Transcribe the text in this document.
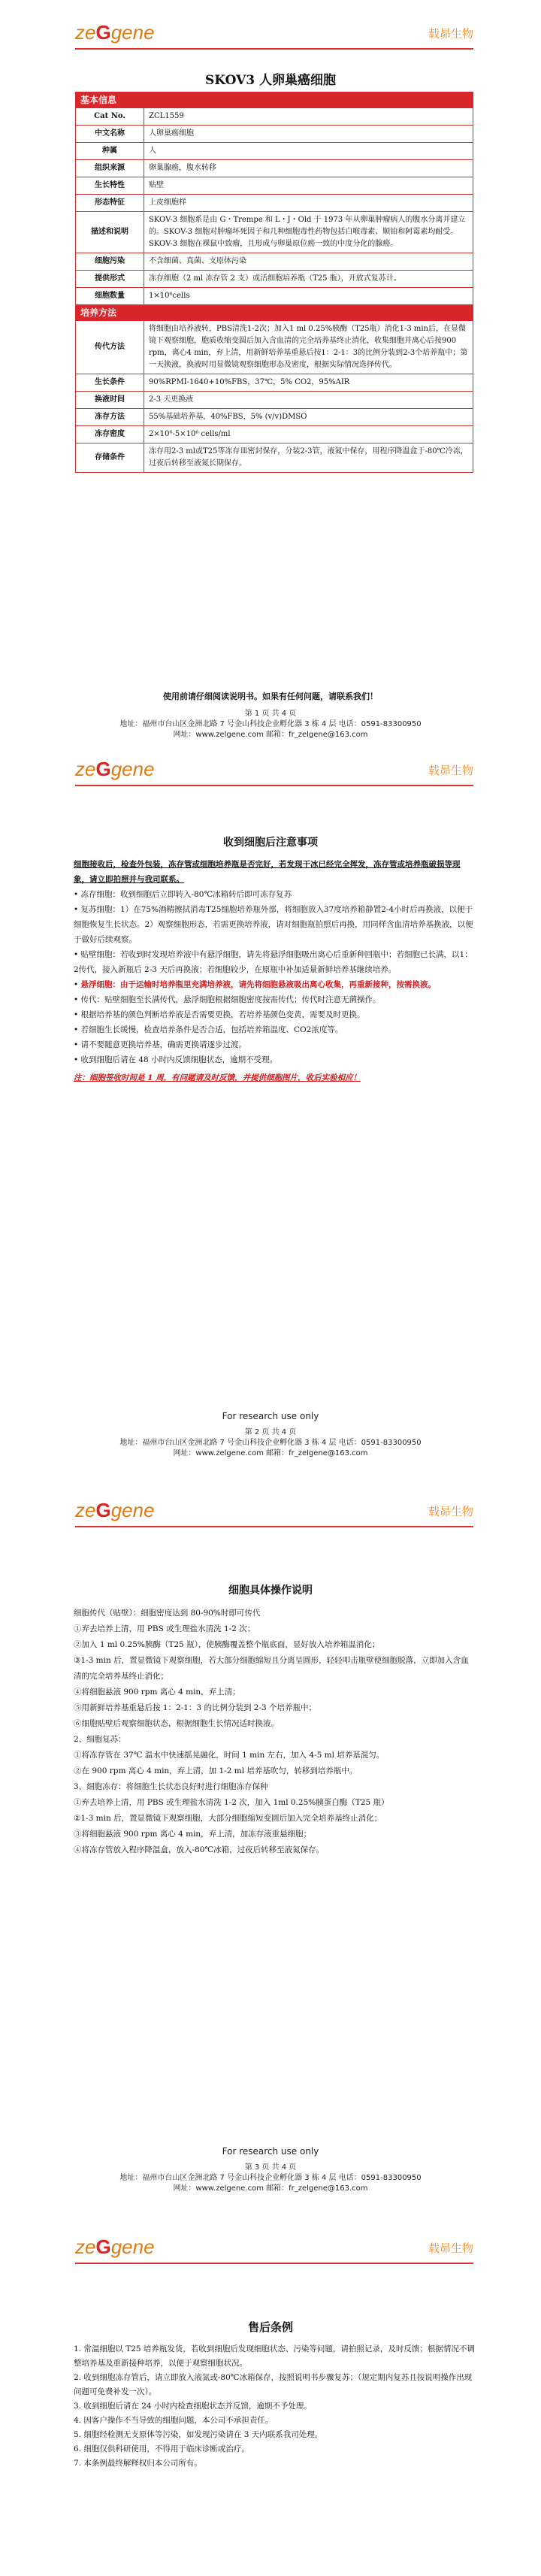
zeGgene	载昴生物
SKOV3 人卵巢癌细胞
基本信息	
Cat No.	ZCL1559
中文名称	人卵巢癌细胞
种属	人
组织来源	卵巢腺癌，腹水转移
生长特性	贴壁
形态特征	上皮细胞样
描述和说明	SKOV-3 细胞系是由 G・Trempe 和 L・J・Old 于 1973 年从卵巢肿瘤病人的腹水分离并建立的。SKOV-3 细胞对肿瘤坏死因子和几种细胞毒性药物包括白喉毒素、顺铂和阿霉素均耐受。SKOV-3 细胞在裸鼠中致瘤，且形成与卵巢原位癌一致的中度分化的腺癌。
细胞污染	不含细菌、真菌、支原体污染
提供形式	冻存细胞（2 ml 冻存管 2 支）或活细胞培养瓶（T25 瓶），开放式复苏计。
细胞数量	1×10⁶cells
培养方法	
传代方法	将细胞由培养液转，PBS清洗1-2次；加入1 ml 0.25%胰酶（T25瓶）消化1-3 min后，在显微镜下观察细胞，胞质收缩变圆后加入含血清的完全培养基终止消化，收集细胞并离心后按900 rpm，离心4 min，弃上清，用新鲜培养基重悬后按1：2-1：3的比例分装到2-3个培养瓶中；第一天换液，换液时用显微镜观察细胞形态及密度，根据实际情况选择传代。
生长条件	90%RPMI-1640+10%FBS，37℃，5% CO2，95%AIR
换液时间	2-3 天更换液
冻存方法	55%基础培养基，40%FBS，5% (v/v)DMSO
冻存密度	2×10⁶-5×10⁶ cells/ml
存储条件	冻存用2-3 ml或T25等冻存皿密封保存，分装2-3管，液氮中保存，用程序降温盒于-80℃冷冻，过夜后转移至液氮长期保存。
使用前请仔细阅读说明书。如果有任何问题，请联系我们！
第 1 页 共 4 页
地址：福州市台山区金洲北路 7 号金山科技企业孵化器 3 栋 4 层 电话：0591-83300950
网址：www.zelgene.com 邮箱：fr_zelgene@163.com
zeGgene	载昴生物
收到细胞后注意事项

细胞接收后，检查外包装，冻存管或细胞培养瓶是否完好，若发现干冰已经完全挥发，冻存管或培养瓶破损等现象，请立即拍照并与我司联系。

• 冻存细胞：收到细胞后立即转入-80℃冰箱转后即可冻存复苏

• 复苏细胞：1）在75%酒精擦拭消毒T25细胞培养瓶外部，将细胞放入37度培养箱静置2-4小时后再换液，以便于细胞恢复生长状态。2）观察细胞形态，若需更换培养液，请对细胞瓶拍照后再换，用同样含血清培养基换液，以便于做好后续观察。

• 贴壁细胞：若收到时发现培养液中有悬浮细胞，请先将悬浮细胞吸出离心后重新种回瓶中；若细胞已长满，以1：2传代，接入新瓶后 2-3 天后再换液；若细胞较少，在原瓶中补加适量新鲜培养基继续培养。

• 悬浮细胞：由于运输时培养瓶里充满培养液，请先将细胞悬液吸出离心收集，再重新接种，按需换液。

• 传代：贴壁细胞至长满传代，悬浮细胞根据细胞密度按需传代；传代时注意无菌操作。

• 根据培养基的颜色判断培养液是否需要更换，若培养基颜色变黄，需要及时更换。

• 若细胞生长缓慢，检查培养条件是否合适，包括培养箱温度、CO2浓度等。

• 请不要随意更换培养基，确需更换请逐步过渡。

• 收到细胞后请在 48 小时内反馈细胞状态，逾期不受理。

注：细胞签收时间是 1 周，有问题请及时反馈，并提供细胞图片，收后实验相应！

For research use only
第 2 页 共 4 页
地址：福州市台山区金洲北路 7 号金山科技企业孵化器 3 栋 4 层 电话：0591-83300950
网址：www.zelgene.com 邮箱：fr_zelgene@163.com
zeGgene	载昴生物
细胞具体操作说明

细胞传代（贴壁）：细胞密度达到 80-90%时即可传代

①弃去培养上清，用 PBS 或生理盐水清洗 1-2 次；

②加入 1 ml 0.25%胰酶（T25 瓶），使胰酶覆盖整个瓶底面，显好放入培养箱温消化；

③1-3 min 后，置显微镜下观察细胞，若大部分细胞缩短且分离呈圆形，轻轻叩击瓶壁使细胞脱落，立即加入含血清的完全培养基终止消化；

④将细胞悬液 900 rpm 离心 4 min，弃上清；

⑤用新鲜培养基重悬后按 1：2-1：3 的比例分装到 2-3 个培养瓶中；

⑥细胞贴壁后观察细胞状态，根据细胞生长情况适时换液。

2、细胞复苏：

①将冻存管在 37℃ 温水中快速摇晃融化，时间 1 min 左右，加入 4-5 ml 培养基混匀。

②在 900 rpm 离心 4 min，弃上清，加 1-2 ml 培养基吹匀，转移到培养瓶中。

3、细胞冻存：将细胞生长状态良好时进行细胞冻存保种

①弃去培养上清，用 PBS 或生理盐水清洗 1-2 次，加入 1ml 0.25%胰蛋白酶（T25 瓶）

②1-3 min 后，置显微镜下观察细胞，大部分细胞缩短变圆后加入完全培养基终止消化；

③将细胞悬液 900 rpm 离心 4 min，弃上清，加冻存液重悬细胞；

④将冻存管放入程序降温盒，放入-80℃冰箱，过夜后转移至液氮保存。

For research use only
第 3 页 共 4 页
地址：福州市台山区金洲北路 7 号金山科技企业孵化器 3 栋 4 层 电话：0591-83300950
网址：www.zelgene.com 邮箱：fr_zelgene@163.com
zeGgene	载昴生物
售后条例

1. 常温细胞以 T25 培养瓶发货，若收到细胞后发现细胞状态、污染等问题，请拍照记录，及时反馈；根据情况不调整培养基及重新接种培养，以便于观察细胞状况。

2. 收到细胞冻存管后，请立即放入液氮或-80℃冰箱保存，按照说明书步骤复苏；（规定期内复苏且按说明操作出现问题可免费补发一次）。

3. 收到细胞后请在 24 小时内检查细胞状态并反馈，逾期不予处理。

4. 因客户操作不当导致的细胞问题，本公司不承担责任。

5. 细胞经检测无支原体等污染，如发现污染请在 3 天内联系我司处理。

6. 细胞仅供科研使用，不得用于临床诊断或治疗。

7. 本条例最终解释权归本公司所有。
